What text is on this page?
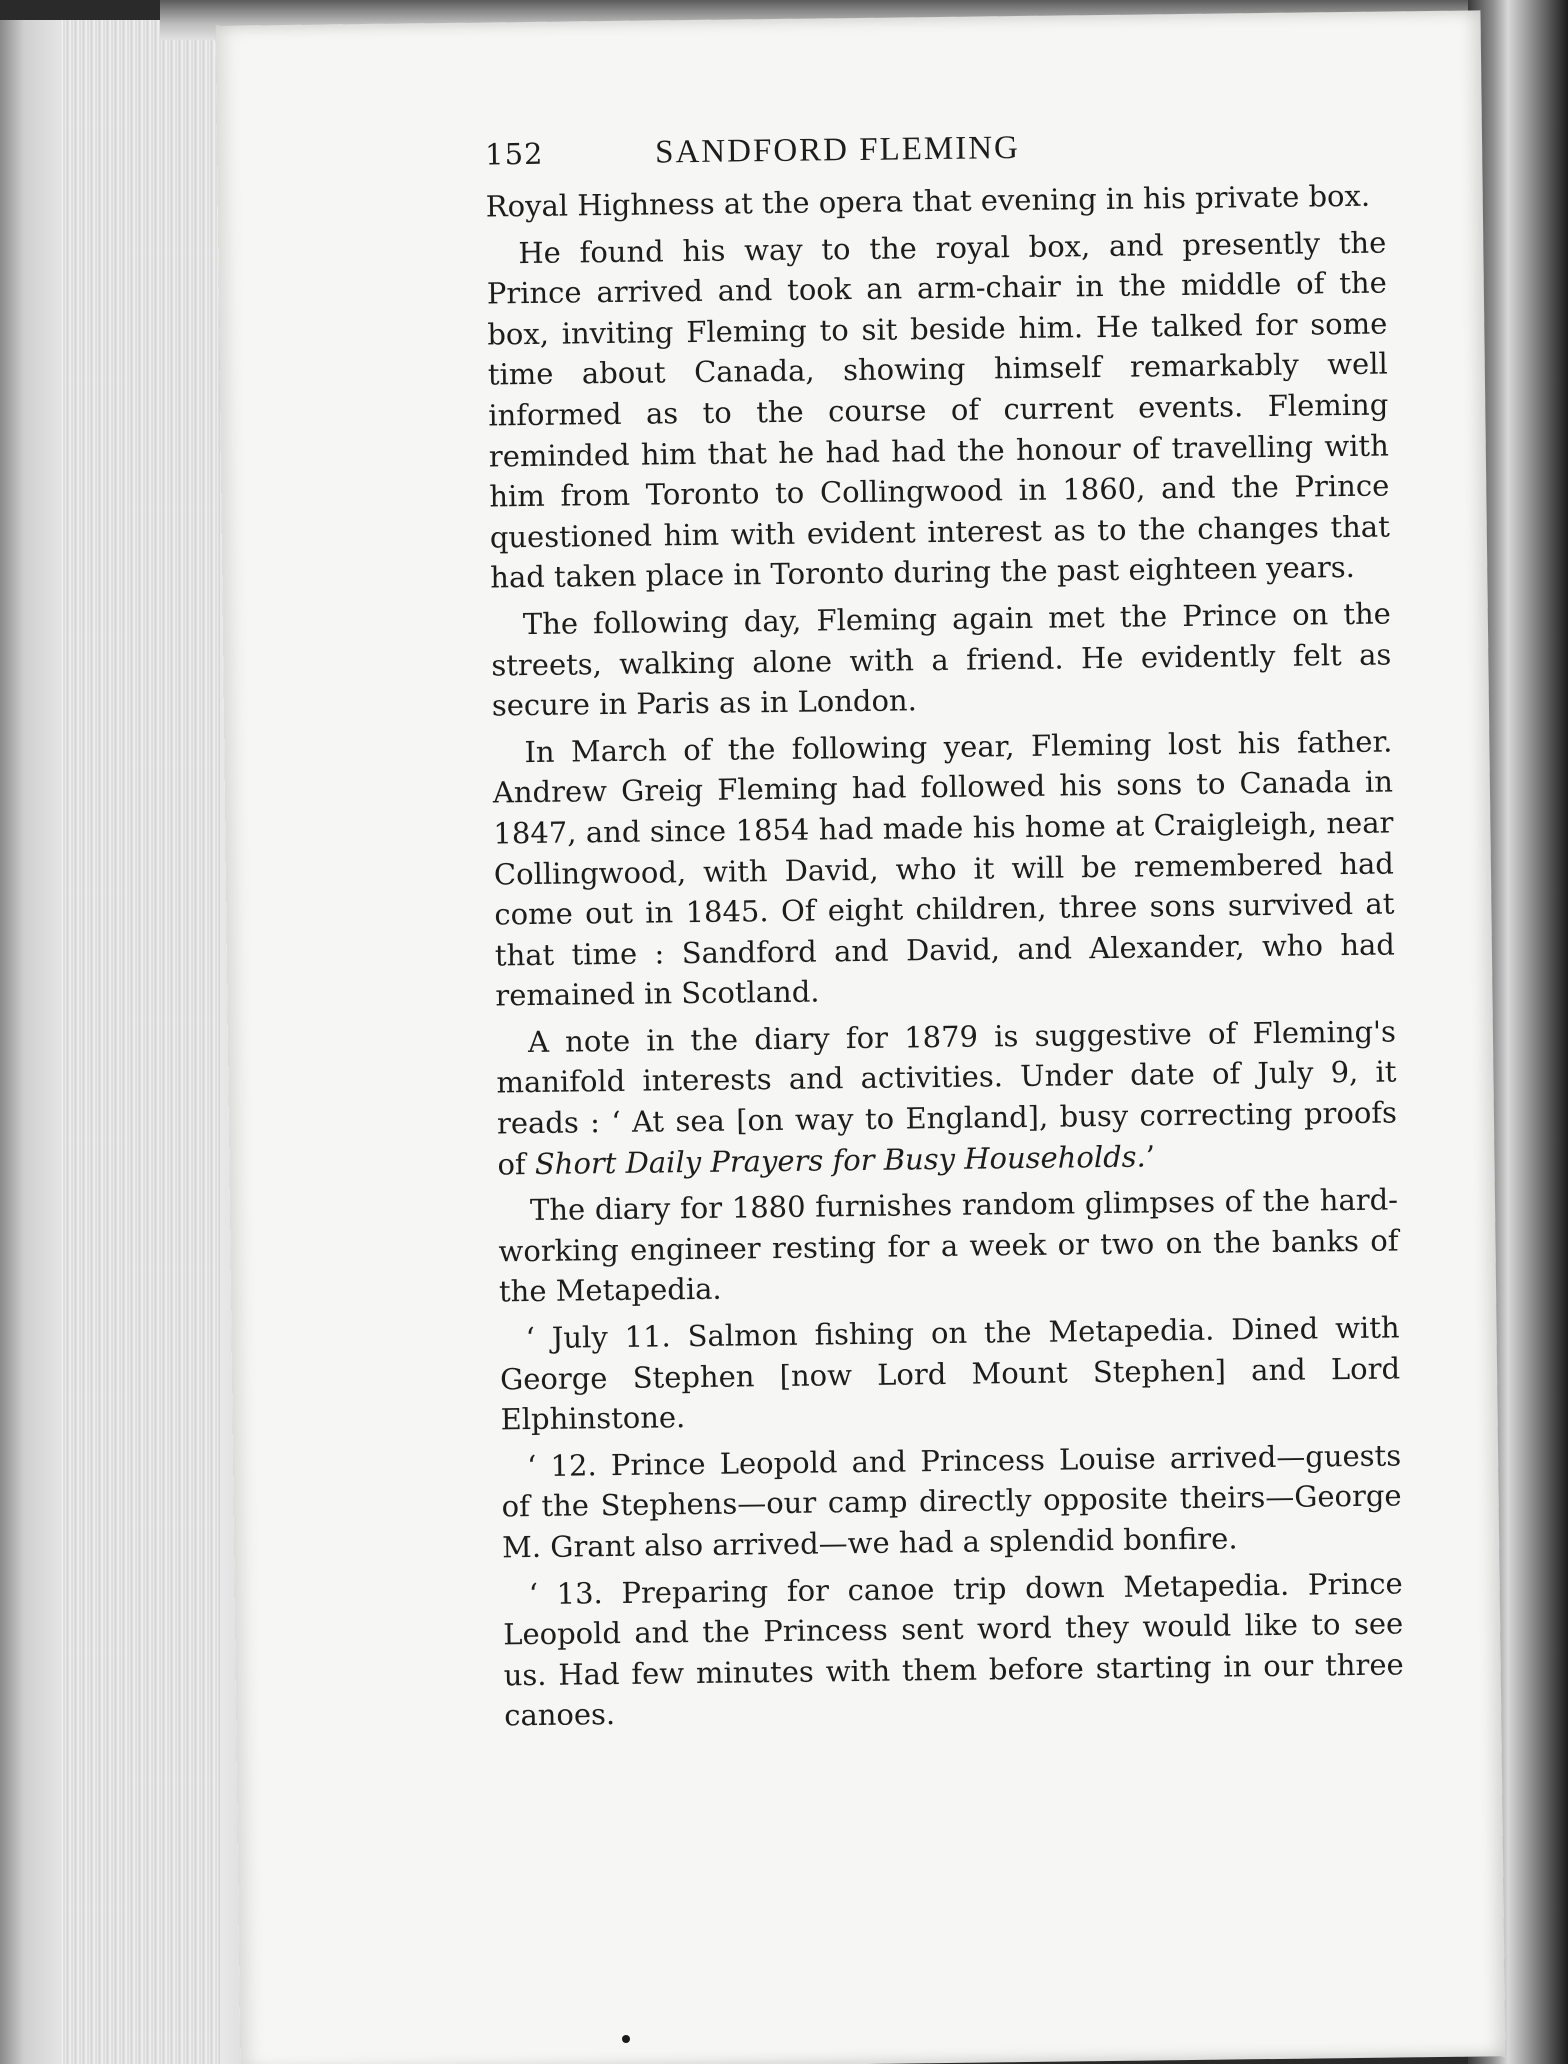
152	SANDFORD FLEMING

Royal Highness at the opera that evening in his private box.

He found his way to the royal box, and presently the Prince arrived and took an arm-chair in the middle of the box, inviting Fleming to sit beside him. He talked for some time about Canada, showing himself remarkably well informed as to the course of current events. Fleming reminded him that he had had the honour of travelling with him from Toronto to Collingwood in 1860, and the Prince questioned him with evident interest as to the changes that had taken place in Toronto during the past eighteen years.

The following day, Fleming again met the Prince on the streets, walking alone with a friend. He evidently felt as secure in Paris as in London.

In March of the following year, Fleming lost his father. Andrew Greig Fleming had followed his sons to Canada in 1847, and since 1854 had made his home at Craigleigh, near Collingwood, with David, who it will be remembered had come out in 1845. Of eight children, three sons survived at that time : Sandford and David, and Alexander, who had remained in Scotland.

A note in the diary for 1879 is suggestive of Fleming's manifold interests and activities. Under date of July 9, it reads : ‘ At sea [on way to England], busy correcting proofs of Short Daily Prayers for Busy Households.’

The diary for 1880 furnishes random glimpses of the hard-working engineer resting for a week or two on the banks of the Metapedia.

‘ July 11. Salmon fishing on the Metapedia. Dined with George Stephen [now Lord Mount Stephen] and Lord Elphinstone.

‘ 12. Prince Leopold and Princess Louise arrived—guests of the Stephens—our camp directly opposite theirs—George M. Grant also arrived—we had a splendid bonfire.

‘ 13. Preparing for canoe trip down Metapedia. Prince Leopold and the Princess sent word they would like to see us. Had few minutes with them before starting in our three canoes.
